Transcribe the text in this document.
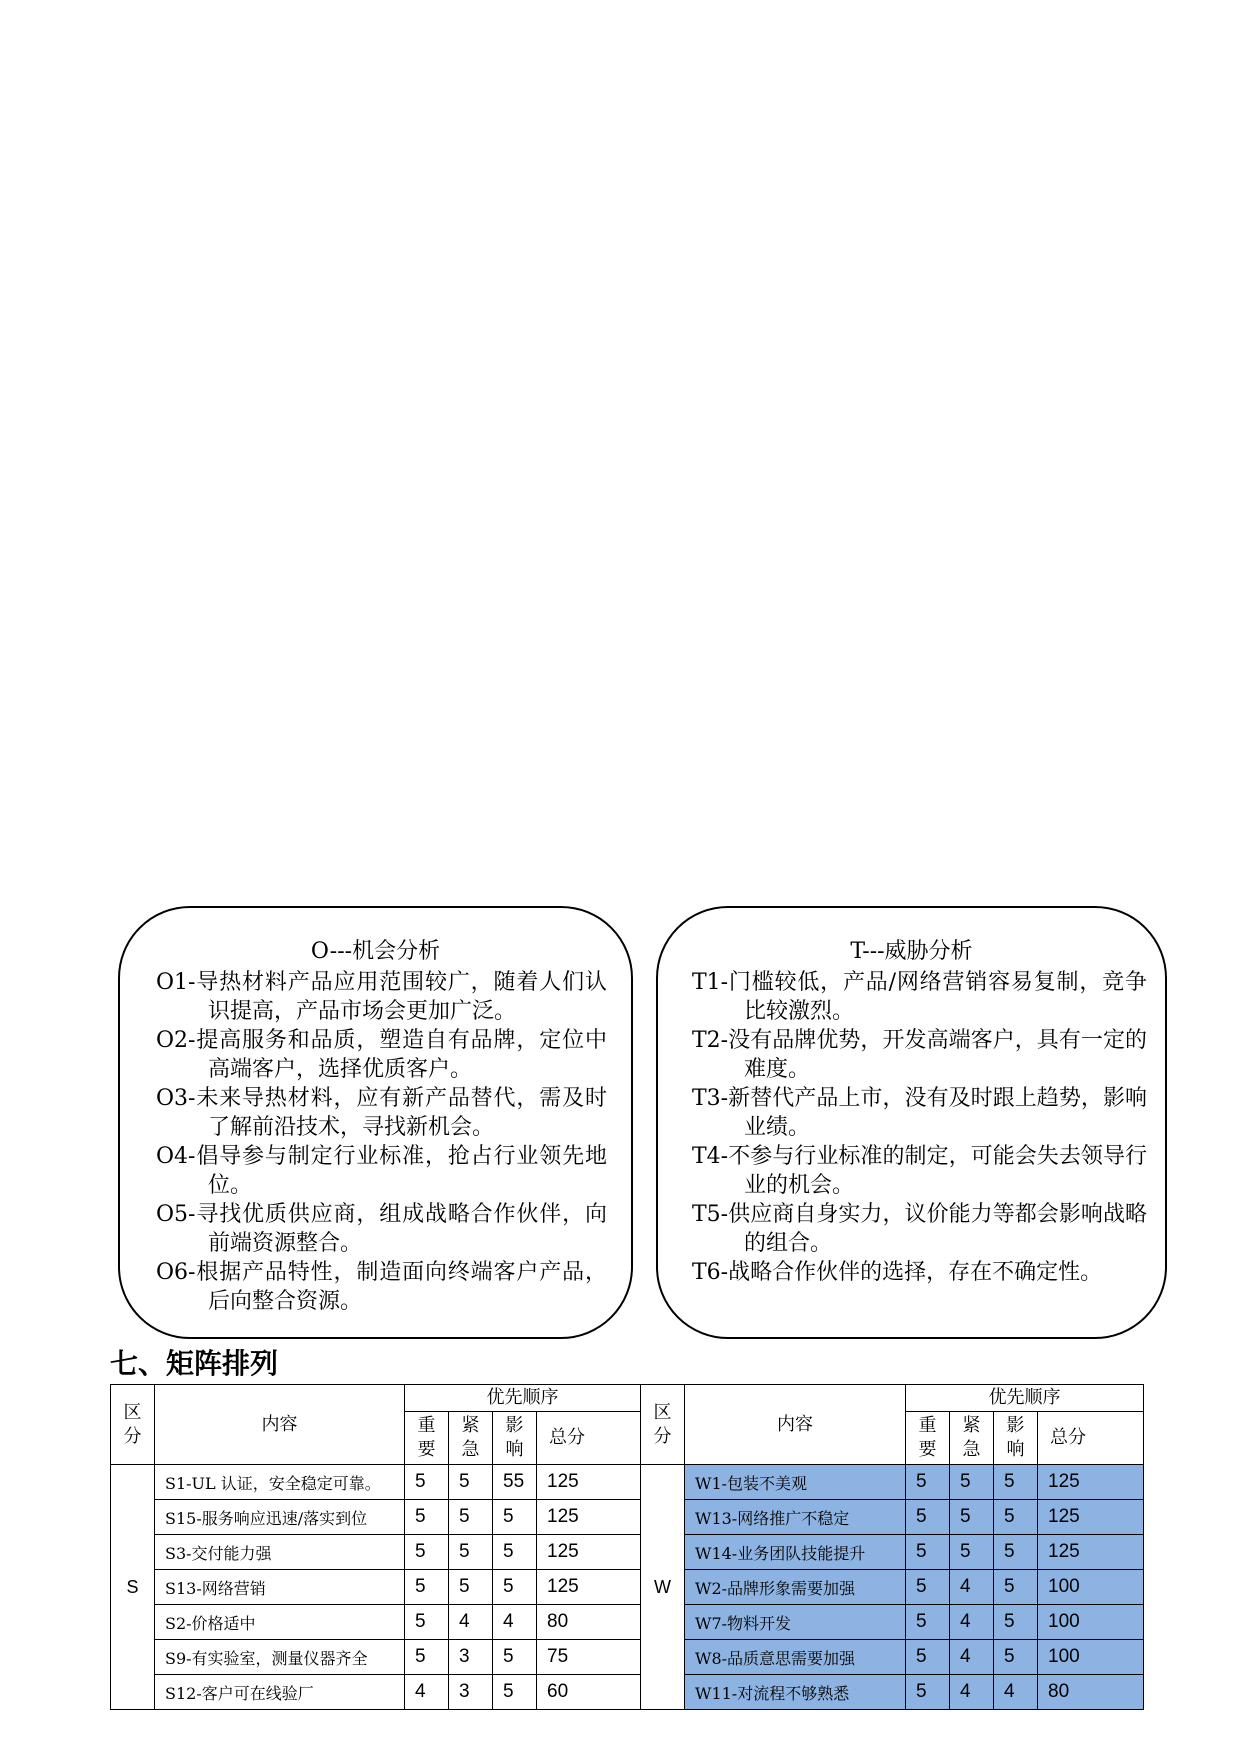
O---机会分析
O1-导热材料产品应用范围较广，随着人们认识提高，产品市场会更加广泛。
O2-提高服务和品质，塑造自有品牌，定位中高端客户，选择优质客户。
O3-未来导热材料，应有新产品替代，需及时了解前沿技术，寻找新机会。
O4-倡导参与制定行业标准，抢占行业领先地位。
O5-寻找优质供应商，组成战略合作伙伴，向前端资源整合。
O6-根据产品特性，制造面向终端客户产品，后向整合资源。
T---威胁分析
T1-门槛较低，产品/网络营销容易复制，竞争比较激烈。
T2-没有品牌优势，开发高端客户，具有一定的难度。
T3-新替代产品上市，没有及时跟上趋势，影响业绩。
T4-不参与行业标准的制定，可能会失去领导行业的机会。
T5-供应商自身实力，议价能力等都会影响战略的组合。
T6-战略合作伙伴的选择，存在不确定性。
七、矩阵排列
区分	内容	优先顺序				区分	内容	优先顺序			

		重要	紧急	影响	总分			重要	紧急	影响	总分
S	S1-UL 认证，安全稳定可靠。	5	5	55	125	W	W1-包装不美观	5	5	5	125
	S15-服务响应迅速/落实到位	5	5	5	125		W13-网络推广不稳定	5	5	5	125
	S3-交付能力强	5	5	5	125		W14-业务团队技能提升	5	5	5	125
	S13-网络营销	5	5	5	125		W2-品牌形象需要加强	5	4	5	100
	S2-价格适中	5	4	4	80		W7-物料开发	5	4	5	100
	S9-有实验室，测量仪器齐全	5	3	5	75		W8-品质意思需要加强	5	4	5	100
	S12-客户可在线验厂	4	3	5	60		W11-对流程不够熟悉	5	4	4	80
